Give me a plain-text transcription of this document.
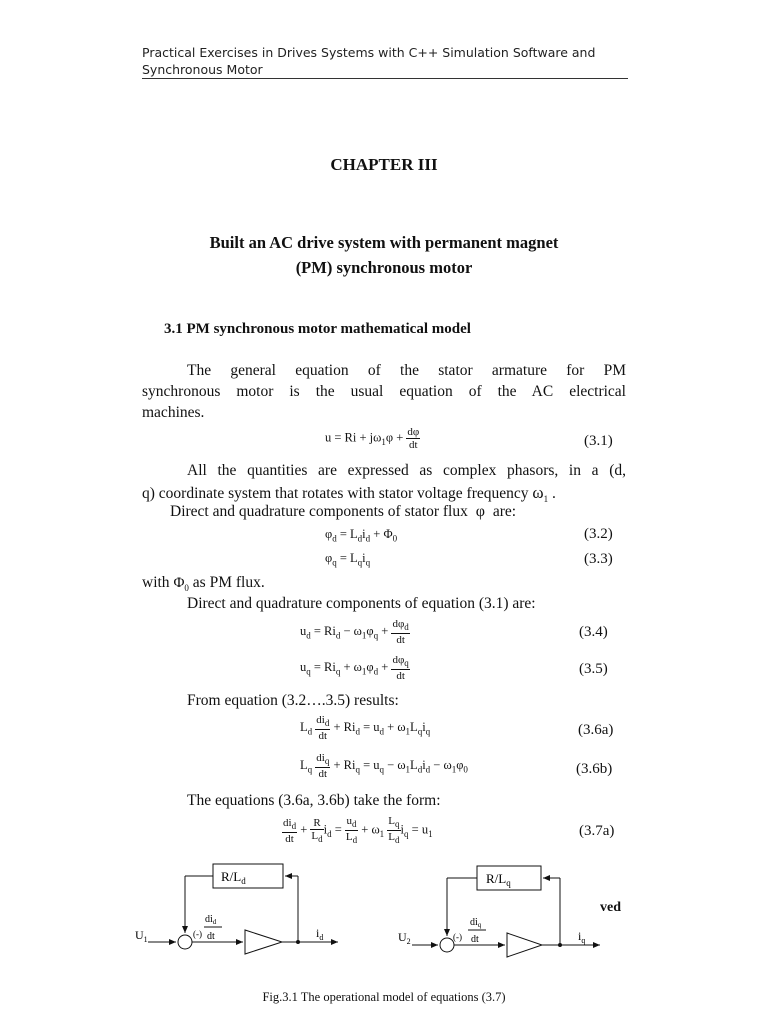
Practical Exercises in Drives Systems with C++ Simulation Software and
Synchronous Motor
CHAPTER III
Built an AC drive system with permanent magnet
(PM) synchronous motor
3.1 PM synchronous motor mathematical model
The general equation of the stator armature for PM
synchronous motor is the usual equation of the AC electrical
machines.
$u = Ri + j\omega_1\varphi + \frac{d\varphi}{dt}$	(3.1)
All the quantities are expressed as complex phasors, in a (d,
q) coordinate system that rotates with stator voltage frequency $\omega_1$ .
Direct and quadrature components of stator flux φ are:
$\varphi_d = L_di_d + \Phi_0$	(3.2)
$\varphi_q = L_qi_q$	(3.3)
with $\Phi_0$ as PM flux.
Direct and quadrature components of equation (3.1) are:
$u_d = Ri_d - \omega_1\varphi_q + \frac{d\varphi_d}{dt}$	(3.4)
$u_q = Ri_q + \omega_1\varphi_d + \frac{d\varphi_q}{dt}$	(3.5)
From equation (3.2….3.5) results:
$L_d \frac{di_d}{dt} + Ri_d = u_d + \omega_1L_qi_q$	(3.6a)
$L_q \frac{di_q}{dt} + Ri_q = u_q - \omega_1L_di_d - \omega_1\varphi_0$	(3.6b)
The equations (3.6a, 3.6b) take the form:
$\frac{di_d}{dt} + \frac{R}{L_d} i_d = \frac{u_d}{L_d} + \omega_1 \frac{L_q}{L_d} i_q = u_1$	(3.7a)
$R/L_d$
(-)
$di_d$
dt
$U_1$	$i_d$
$R/L_q$
(-)
$di_q$
dt
$U_2$	$i_q$
ved
Fig.3.1 The operational model of equations (3.7)
